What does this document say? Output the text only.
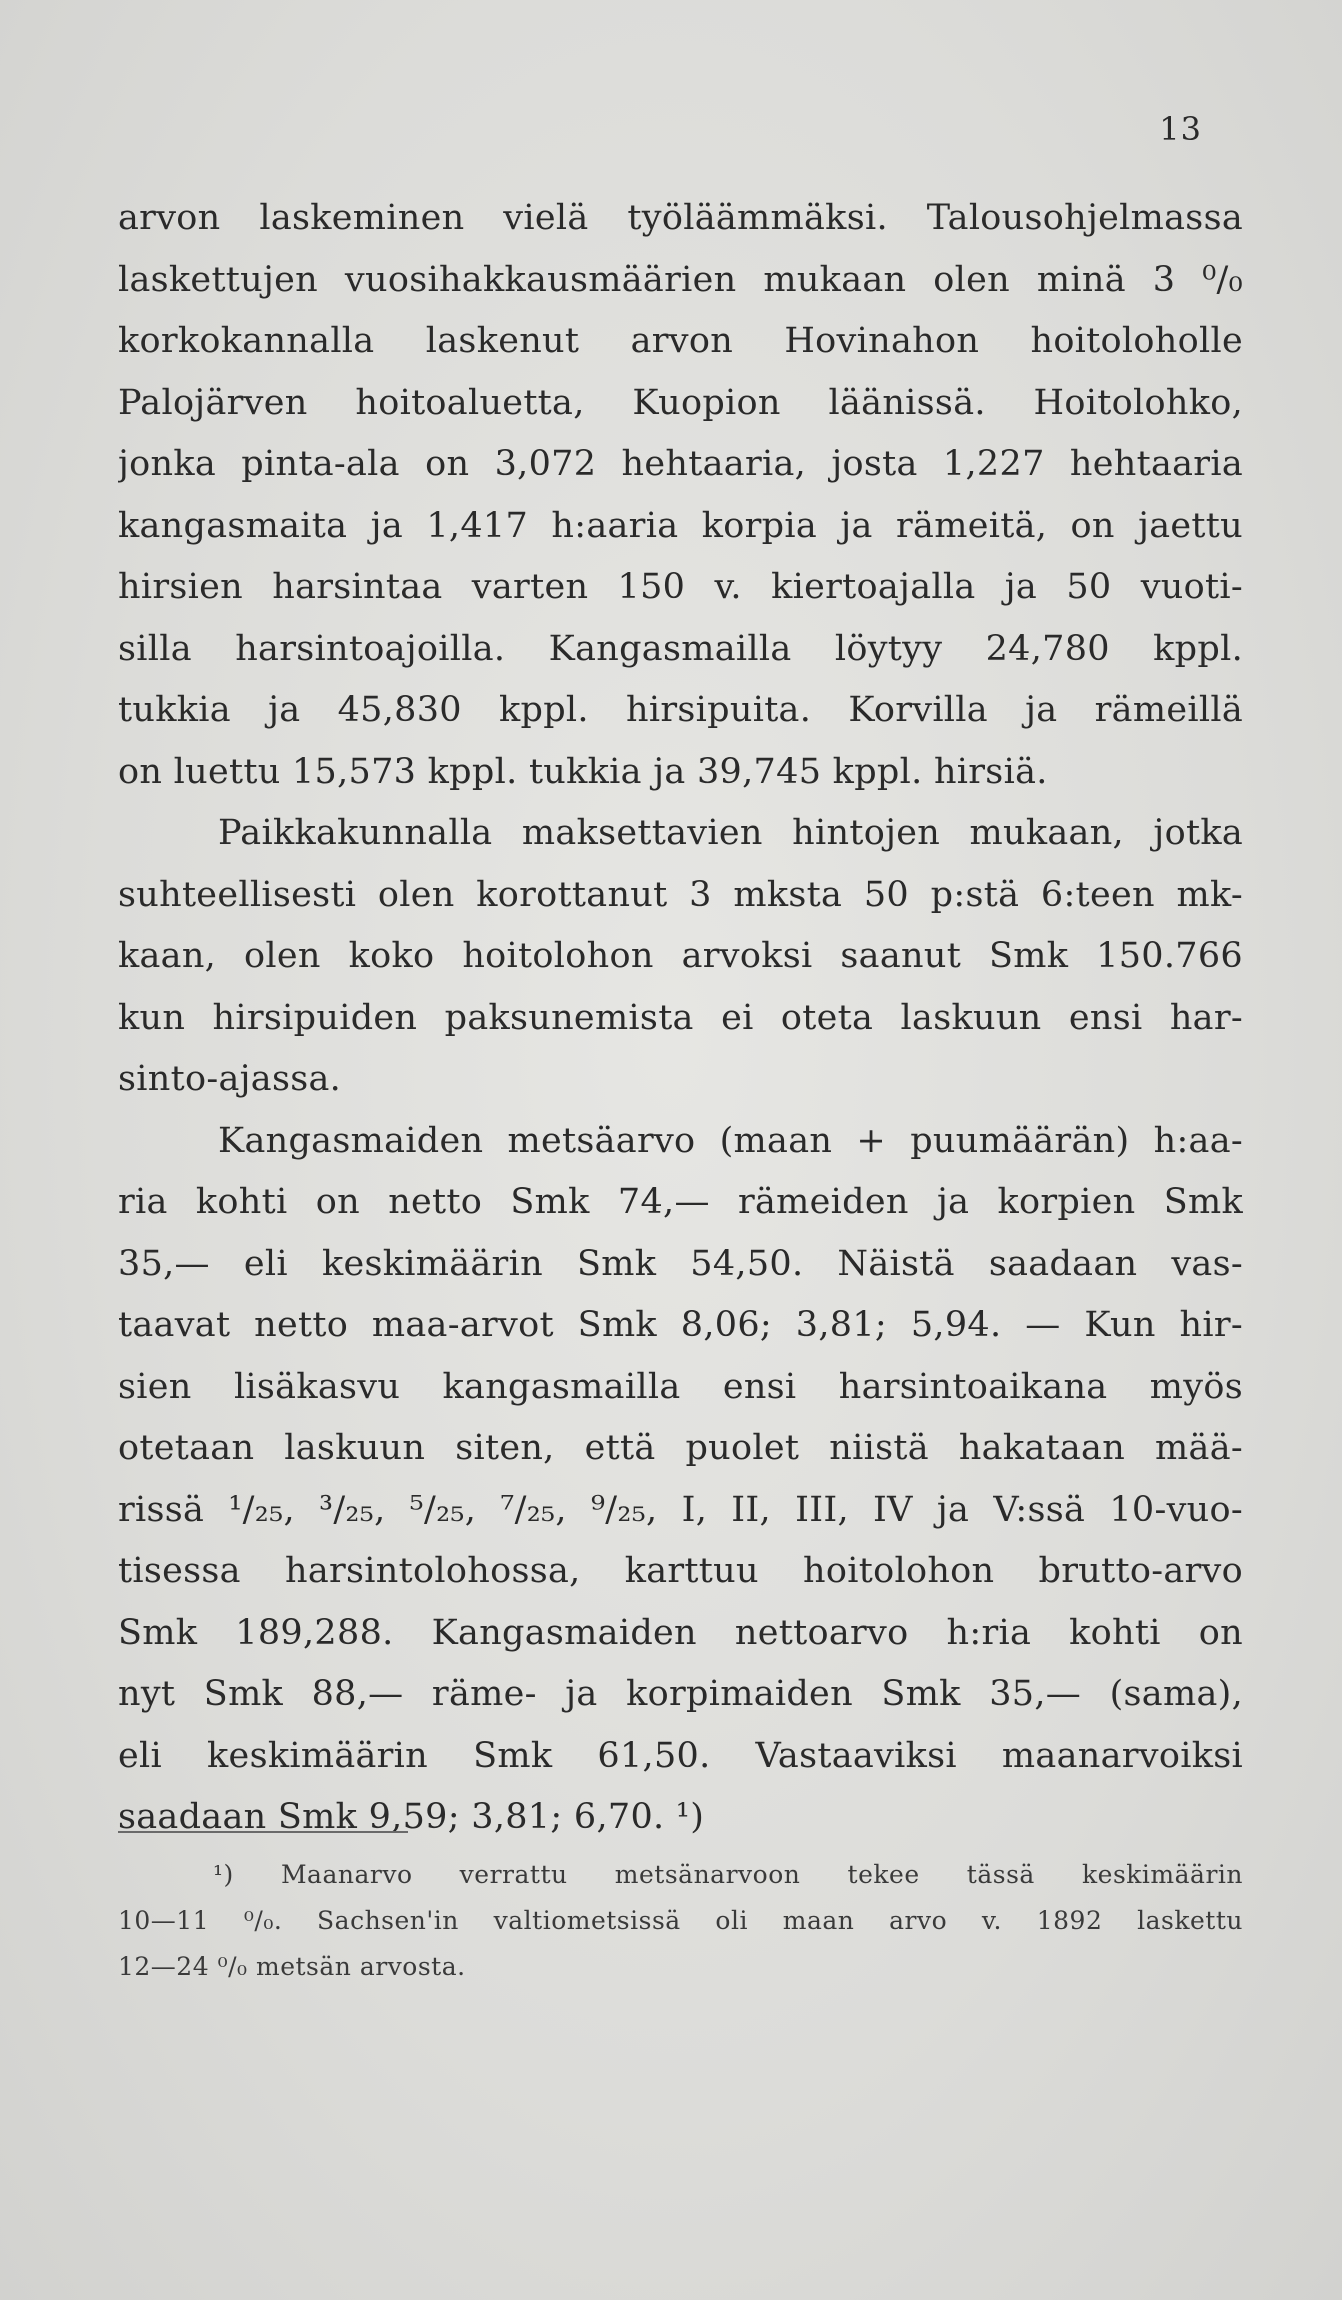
13
arvon laskeminen vielä työläämmäksi. Talousohjelmassa
laskettujen vuosihakkausmäärien mukaan olen minä 3 ⁰/₀
korkokannalla laskenut arvon Hovinahon hoitoloholle
Palojärven hoitoaluetta, Kuopion läänissä. Hoitolohko,
jonka pinta-ala on 3,072 hehtaaria, josta 1,227 hehtaaria
kangasmaita ja 1,417 h:aaria korpia ja rämeitä, on jaettu
hirsien harsintaa varten 150 v. kiertoajalla ja 50 vuoti-
silla harsintoajoilla. Kangasmailla löytyy 24,780 kppl.
tukkia ja 45,830 kppl. hirsipuita. Korvilla ja rämeillä
on luettu 15,573 kppl. tukkia ja 39,745 kppl. hirsiä.
Paikkakunnalla maksettavien hintojen mukaan, jotka
suhteellisesti olen korottanut 3 mksta 50 p:stä 6:teen mk-
kaan, olen koko hoitolohon arvoksi saanut Smk 150.766
kun hirsipuiden paksunemista ei oteta laskuun ensi har-
sinto-ajassa.
Kangasmaiden metsäarvo (maan + puumäärän) h:aa-
ria kohti on netto Smk 74,— rämeiden ja korpien Smk
35,— eli keskimäärin Smk 54,50. Näistä saadaan vas-
taavat netto maa-arvot Smk 8,06; 3,81; 5,94. — Kun hir-
sien lisäkasvu kangasmailla ensi harsintoaikana myös
otetaan laskuun siten, että puolet niistä hakataan mää-
rissä ¹/₂₅, ³/₂₅, ⁵/₂₅, ⁷/₂₅, ⁹/₂₅, I, II, III, IV ja V:ssä 10-vuo-
tisessa harsintolohossa, karttuu hoitolohon brutto-arvo
Smk 189,288. Kangasmaiden nettoarvo h:ria kohti on
nyt Smk 88,— räme- ja korpimaiden Smk 35,— (sama),
eli keskimäärin Smk 61,50. Vastaaviksi maanarvoiksi
saadaan Smk 9,59; 3,81; 6,70. ¹)
¹) Maanarvo verrattu metsänarvoon tekee tässä keskimäärin
10—11 ⁰/₀. Sachsen'in valtiometsissä oli maan arvo v. 1892 laskettu
12—24 ⁰/₀ metsän arvosta.
